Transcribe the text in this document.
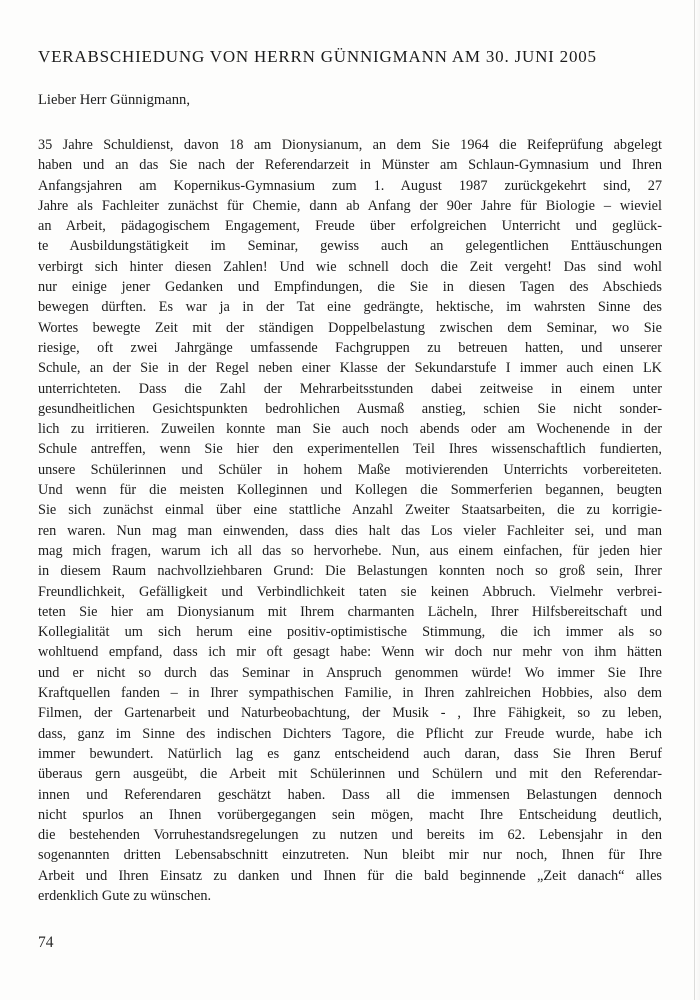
VERABSCHIEDUNG VON HERRN GÜNNIGMANN AM 30. JUNI 2005

Lieber Herr Günnigmann,

35 Jahre Schuldienst, davon 18 am Dionysianum, an dem Sie 1964 die Reifeprüfung abgelegt
haben und an das Sie nach der Referendarzeit in Münster am Schlaun-Gymnasium und Ihren
Anfangsjahren am Kopernikus-Gymnasium zum 1. August 1987 zurückgekehrt sind, 27
Jahre als Fachleiter zunächst für Chemie, dann ab Anfang der 90er Jahre für Biologie – wieviel
an Arbeit, pädagogischem Engagement, Freude über erfolgreichen Unterricht und geglück-
te Ausbildungstätigkeit im Seminar, gewiss auch an gelegentlichen Enttäuschungen
verbirgt sich hinter diesen Zahlen! Und wie schnell doch die Zeit vergeht! Das sind wohl
nur einige jener Gedanken und Empfindungen, die Sie in diesen Tagen des Abschieds
bewegen dürften. Es war ja in der Tat eine gedrängte, hektische, im wahrsten Sinne des
Wortes bewegte Zeit mit der ständigen Doppelbelastung zwischen dem Seminar, wo Sie
riesige, oft zwei Jahrgänge umfassende Fachgruppen zu betreuen hatten, und unserer
Schule, an der Sie in der Regel neben einer Klasse der Sekundarstufe I immer auch einen LK
unterrichteten. Dass die Zahl der Mehrarbeitsstunden dabei zeitweise in einem unter
gesundheitlichen Gesichtspunkten bedrohlichen Ausmaß anstieg, schien Sie nicht sonder-
lich zu irritieren. Zuweilen konnte man Sie auch noch abends oder am Wochenende in der
Schule antreffen, wenn Sie hier den experimentellen Teil Ihres wissenschaftlich fundierten,
unsere Schülerinnen und Schüler in hohem Maße motivierenden Unterrichts vorbereiteten.
Und wenn für die meisten Kolleginnen und Kollegen die Sommerferien begannen, beugten
Sie sich zunächst einmal über eine stattliche Anzahl Zweiter Staatsarbeiten, die zu korrigie-
ren waren. Nun mag man einwenden, dass dies halt das Los vieler Fachleiter sei, und man
mag mich fragen, warum ich all das so hervorhebe. Nun, aus einem einfachen, für jeden hier
in diesem Raum nachvollziehbaren Grund: Die Belastungen konnten noch so groß sein, Ihrer
Freundlichkeit, Gefälligkeit und Verbindlichkeit taten sie keinen Abbruch. Vielmehr verbrei-
teten Sie hier am Dionysianum mit Ihrem charmanten Lächeln, Ihrer Hilfsbereitschaft und
Kollegialität um sich herum eine positiv-optimistische Stimmung, die ich immer als so
wohltuend empfand, dass ich mir oft gesagt habe: Wenn wir doch nur mehr von ihm hätten
und er nicht so durch das Seminar in Anspruch genommen würde! Wo immer Sie Ihre
Kraftquellen fanden – in Ihrer sympathischen Familie, in Ihren zahlreichen Hobbies, also dem
Filmen, der Gartenarbeit und Naturbeobachtung, der Musik - , Ihre Fähigkeit, so zu leben,
dass, ganz im Sinne des indischen Dichters Tagore, die Pflicht zur Freude wurde, habe ich
immer bewundert. Natürlich lag es ganz entscheidend auch daran, dass Sie Ihren Beruf
überaus gern ausgeübt, die Arbeit mit Schülerinnen und Schülern und mit den Referendar-
innen und Referendaren geschätzt haben. Dass all die immensen Belastungen dennoch
nicht spurlos an Ihnen vorübergegangen sein mögen, macht Ihre Entscheidung deutlich,
die bestehenden Vorruhestandsregelungen zu nutzen und bereits im 62. Lebensjahr in den
sogenannten dritten Lebensabschnitt einzutreten. Nun bleibt mir nur noch, Ihnen für Ihre
Arbeit und Ihren Einsatz zu danken und Ihnen für die bald beginnende „Zeit danach“ alles
erdenklich Gute zu wünschen.
74
